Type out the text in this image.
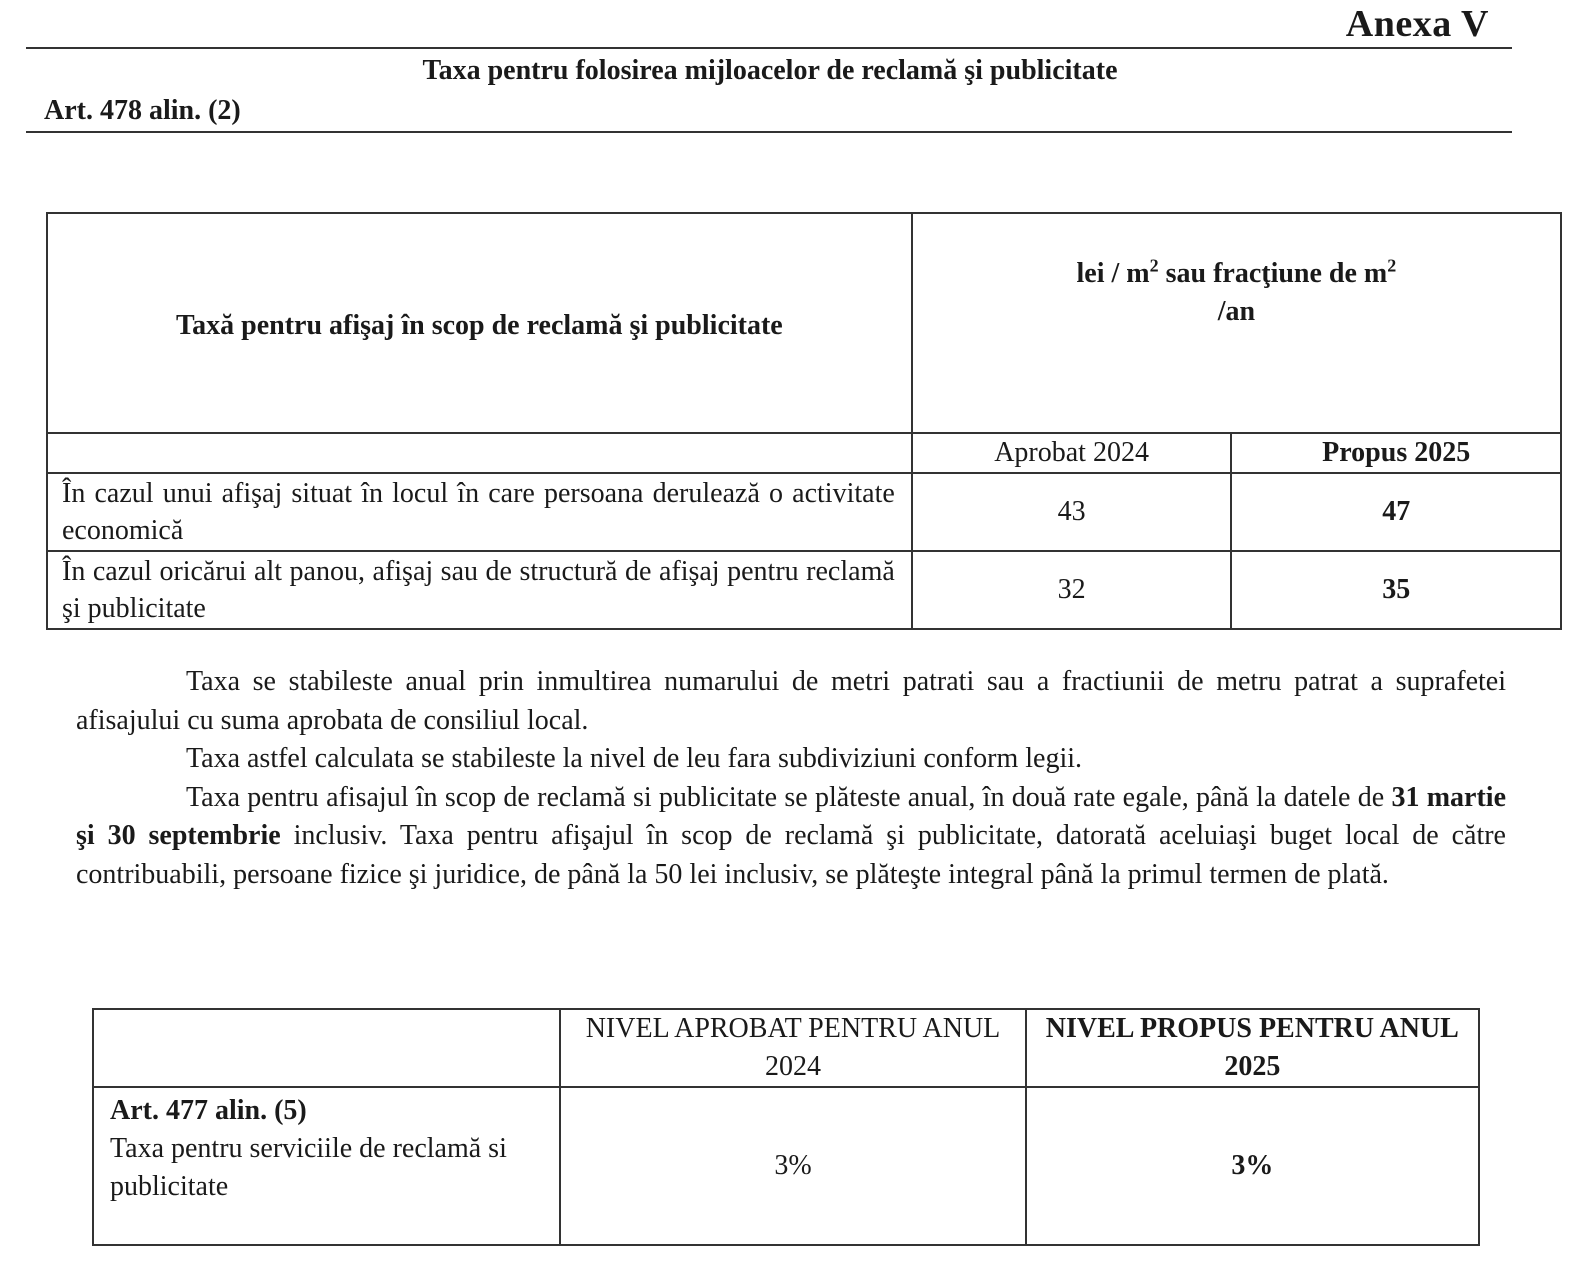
Anexa V
Taxa pentru folosirea mijloacelor de reclamă şi publicitate
Art. 478 alin. (2)
Taxă pentru afişaj în scop de reclamă şi publicitate	lei / $m^2$ sau fracţiune de $m^2$
/an	
	Aprobat 2024	Propus 2025
În cazul unui afişaj situat în locul în care persoana derulează o activitate economică	43	47
În cazul oricărui alt panou, afişaj sau de structură de afişaj pentru reclamă şi publicitate	32	35

Taxa se stabileste anual prin inmultirea numarului de metri patrati sau a fractiunii de metru patrat a suprafetei afisajului cu suma aprobata de consiliul local.

Taxa astfel calculata se stabileste la nivel de leu fara subdiviziuni conform legii.

Taxa pentru afisajul în scop de reclamă si publicitate se plăteste anual, în două rate egale, până la datele de 31 martie şi 30 septembrie inclusiv. Taxa pentru afişajul în scop de reclamă şi publicitate, datorată aceluiaşi buget local de către contribuabili, persoane fizice şi juridice, de până la 50 lei inclusiv, se plăteşte integral până la primul termen de plată.

	NIVEL APROBAT PENTRU ANUL 2024	NIVEL PROPUS PENTRU ANUL 2025

Art. 477 alin. (5)
Taxa pentru serviciile de reclamă si publicitate	3%	3%
